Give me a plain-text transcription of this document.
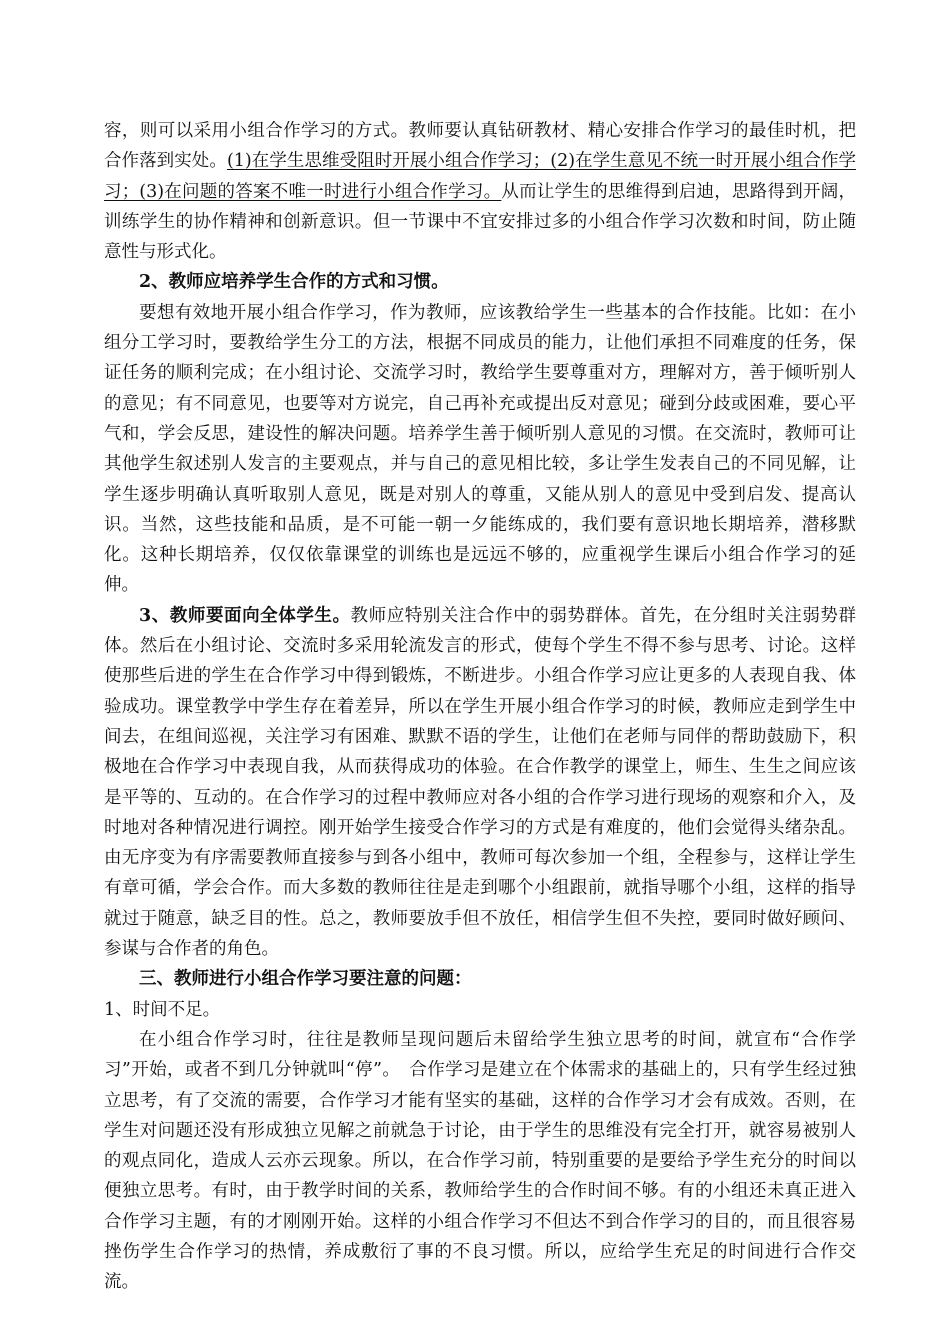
容，则可以采用小组合作学习的方式。教师要认真钻研教材、精心安排合作学习的最佳时机，把合作落到实处。(1)在学生思维受阻时开展小组合作学习；(2)在学生意见不统一时开展小组合作学习；(3)在问题的答案不唯一时进行小组合作学习。从而让学生的思维得到启迪，思路得到开阔，训练学生的协作精神和创新意识。但一节课中不宜安排过多的小组合作学习次数和时间，防止随意性与形式化。

2、教师应培养学生合作的方式和习惯。

要想有效地开展小组合作学习，作为教师，应该教给学生一些基本的合作技能。比如：在小组分工学习时，要教给学生分工的方法，根据不同成员的能力，让他们承担不同难度的任务，保证任务的顺利完成；在小组讨论、交流学习时，教给学生要尊重对方，理解对方，善于倾听别人的意见；有不同意见，也要等对方说完，自己再补充或提出反对意见；碰到分歧或困难，要心平气和，学会反思，建设性的解决问题。培养学生善于倾听别人意见的习惯。在交流时，教师可让其他学生叙述别人发言的主要观点，并与自己的意见相比较，多让学生发表自己的不同见解，让学生逐步明确认真听取别人意见，既是对别人的尊重，又能从别人的意见中受到启发、提高认识。当然，这些技能和品质，是不可能一朝一夕能练成的，我们要有意识地长期培养，潜移默化。这种长期培养，仅仅依靠课堂的训练也是远远不够的，应重视学生课后小组合作学习的延伸。

3、教师要面向全体学生。教师应特别关注合作中的弱势群体。首先，在分组时关注弱势群体。然后在小组讨论、交流时多采用轮流发言的形式，使每个学生不得不参与思考、讨论。这样使那些后进的学生在合作学习中得到锻炼，不断进步。小组合作学习应让更多的人表现自我、体验成功。课堂教学中学生存在着差异，所以在学生开展小组合作学习的时候，教师应走到学生中间去，在组间巡视，关注学习有困难、默默不语的学生，让他们在老师与同伴的帮助鼓励下，积极地在合作学习中表现自我，从而获得成功的体验。在合作教学的课堂上，师生、生生之间应该是平等的、互动的。在合作学习的过程中教师应对各小组的合作学习进行现场的观察和介入，及时地对各种情况进行调控。刚开始学生接受合作学习的方式是有难度的，他们会觉得头绪杂乱。由无序变为有序需要教师直接参与到各小组中，教师可每次参加一个组，全程参与，这样让学生有章可循，学会合作。而大多数的教师往往是走到哪个小组跟前，就指导哪个小组，这样的指导就过于随意，缺乏目的性。总之，教师要放手但不放任，相信学生但不失控，要同时做好顾问、参谋与合作者的角色。

三、教师进行小组合作学习要注意的问题：

1、时间不足。

在小组合作学习时，往往是教师呈现问题后未留给学生独立思考的时间，就宣布“合作学习”开始，或者不到几分钟就叫“停”。　合作学习是建立在个体需求的基础上的，只有学生经过独立思考，有了交流的需要，合作学习才能有坚实的基础，这样的合作学习才会有成效。否则，在学生对问题还没有形成独立见解之前就急于讨论，由于学生的思维没有完全打开，就容易被别人的观点同化，造成人云亦云现象。所以，在合作学习前，特别重要的是要给予学生充分的时间以便独立思考。有时，由于教学时间的关系，教师给学生的合作时间不够。有的小组还未真正进入合作学习主题，有的才刚刚开始。这样的小组合作学习不但达不到合作学习的目的，而且很容易挫伤学生合作学习的热情，养成敷衍了事的不良习惯。所以，应给学生充足的时间进行合作交流。
